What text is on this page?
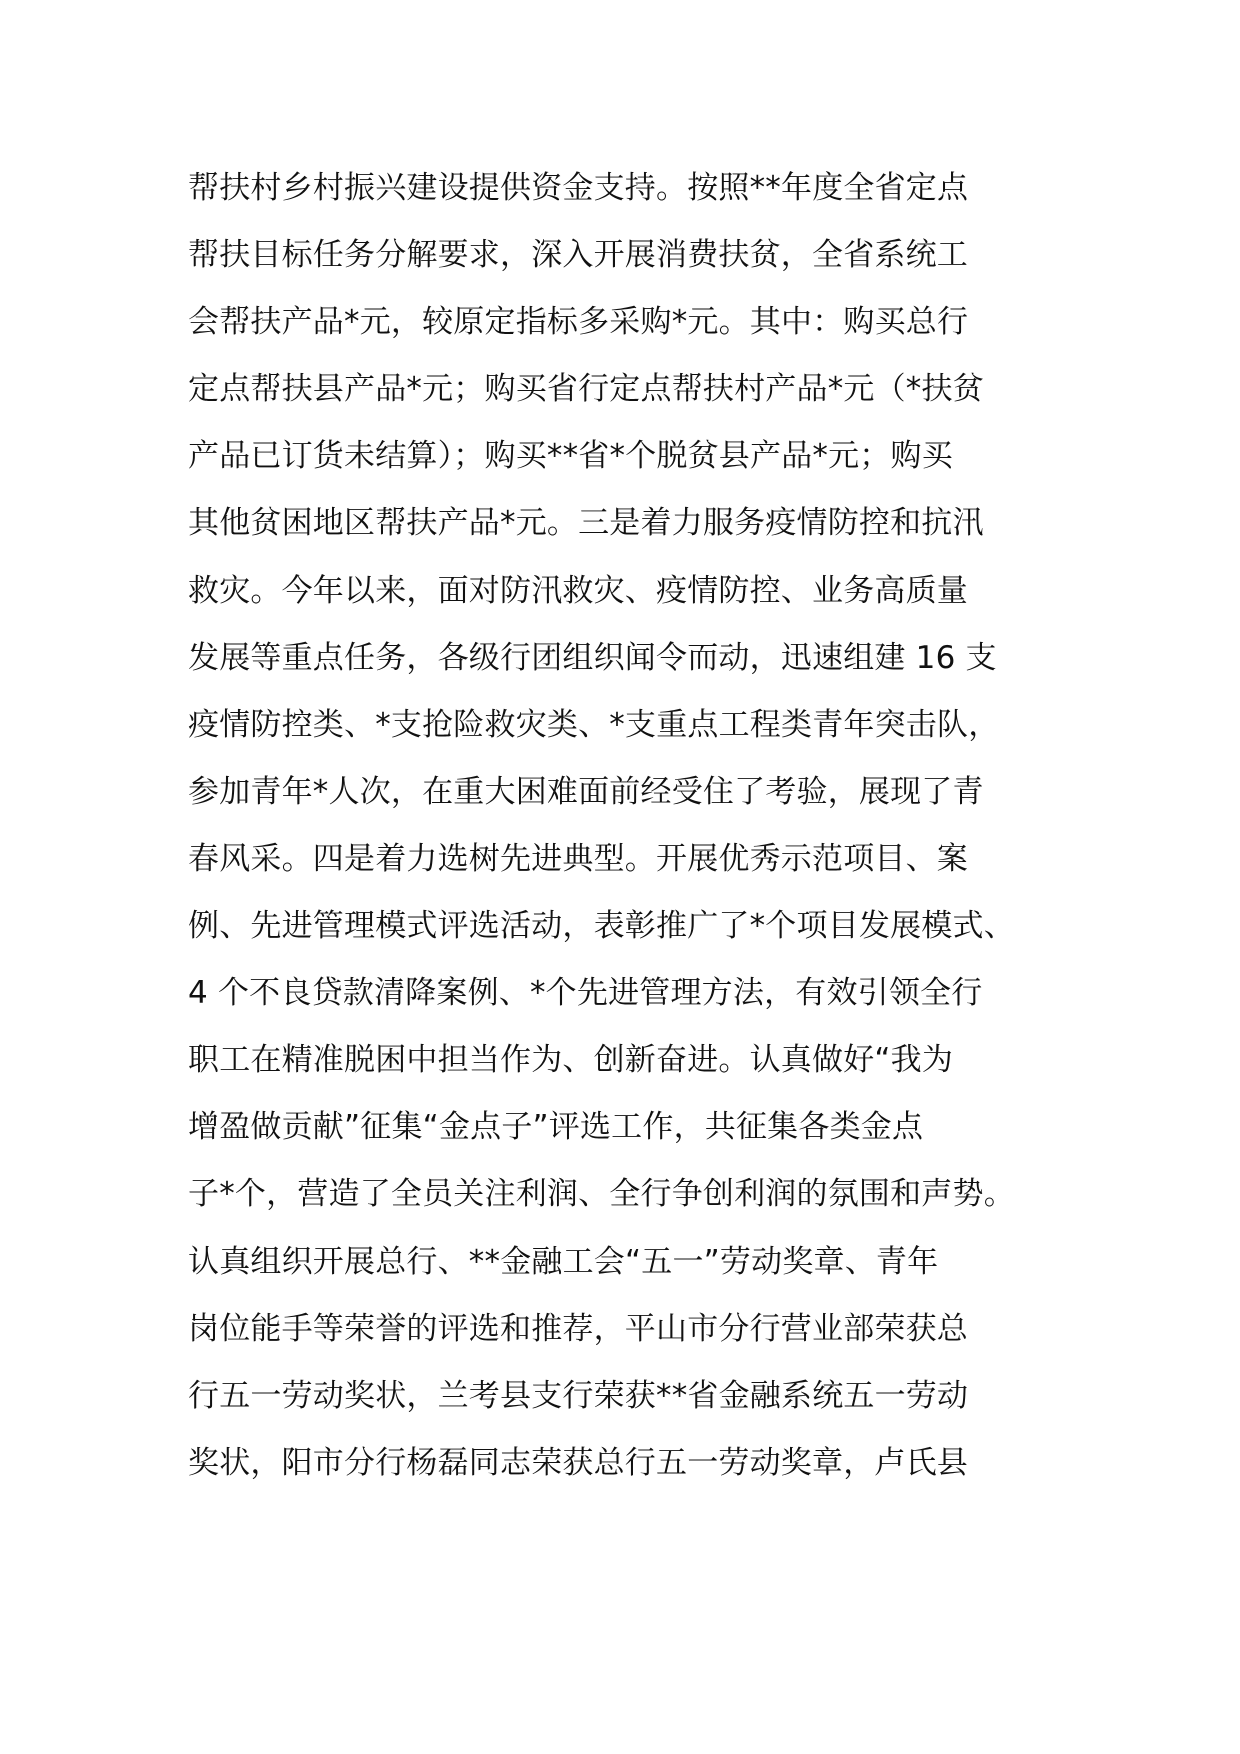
帮扶村乡村振兴建设提供资金支持。按照**年度全省定点
帮扶目标任务分解要求，深入开展消费扶贫，全省系统工
会帮扶产品*元，较原定指标多采购*元。其中：购买总行
定点帮扶县产品*元；购买省行定点帮扶村产品*元（*扶贫
产品已订货未结算）；购买**省*个脱贫县产品*元；购买
其他贫困地区帮扶产品*元。三是着力服务疫情防控和抗汛
救灾。今年以来，面对防汛救灾、疫情防控、业务高质量
发展等重点任务，各级行团组织闻令而动，迅速组建 16 支
疫情防控类、*支抢险救灾类、*支重点工程类青年突击队，
参加青年*人次，在重大困难面前经受住了考验，展现了青
春风采。四是着力选树先进典型。开展优秀示范项目、案
例、先进管理模式评选活动，表彰推广了*个项目发展模式、
4 个不良贷款清降案例、*个先进管理方法，有效引领全行
职工在精准脱困中担当作为、创新奋进。认真做好“我为
增盈做贡献”征集“金点子”评选工作，共征集各类金点
子*个，营造了全员关注利润、全行争创利润的氛围和声势。
认真组织开展总行、**金融工会“五一”劳动奖章、青年
岗位能手等荣誉的评选和推荐，平山市分行营业部荣获总
行五一劳动奖状，兰考县支行荣获**省金融系统五一劳动
奖状，阳市分行杨磊同志荣获总行五一劳动奖章，卢氏县
